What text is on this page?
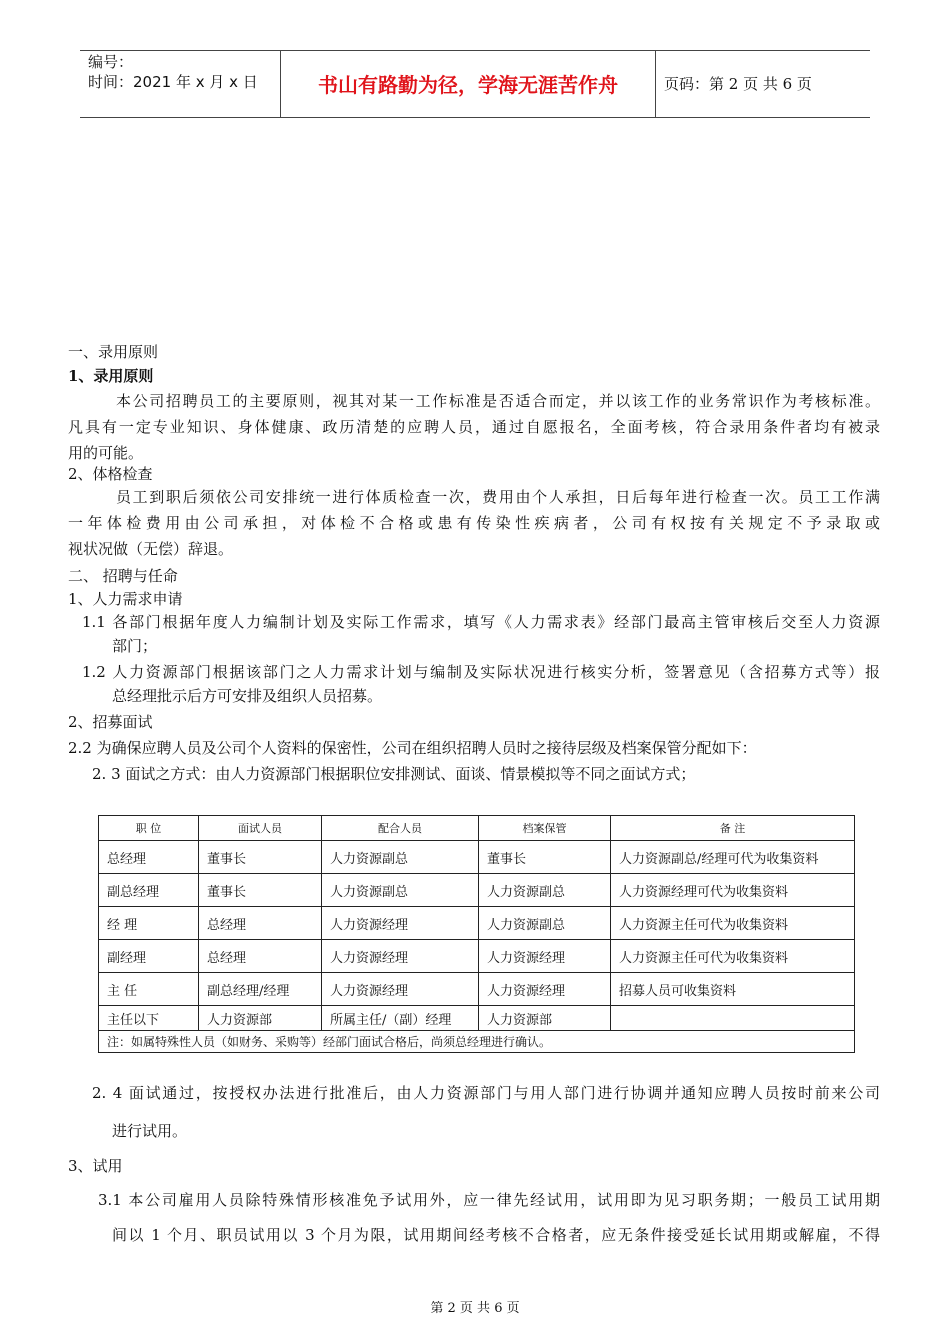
编号：
时间：2021 年 x 月 x 日	书山有路勤为径，学海无涯苦作舟	页码：第 2 页 共 6 页
一、录用原则
1、录用原则
本公司招聘员工的主要原则，视其对某一工作标准是否适合而定，并以该工作的业务常识作为考核标准。
凡具有一定专业知识、身体健康、政历清楚的应聘人员，通过自愿报名，全面考核，符合录用条件者均有被录
用的可能。
2、体格检查
员工到职后须依公司安排统一进行体质检查一次，费用由个人承担，日后每年进行检查一次。员工工作满
一年体检费用由公司承担，对体检不合格或患有传染性疾病者，公司有权按有关规定不予录取或
视状况做（无偿）辞退。
二、 招聘与任命
1、人力需求申请
1.1 各部门根据年度人力编制计划及实际工作需求，填写《人力需求表》经部门最高主管审核后交至人力资源
部门；
1.2 人力资源部门根据该部门之人力需求计划与编制及实际状况进行核实分析，签署意见（含招募方式等）报
总经理批示后方可安排及组织人员招募。
2、招募面试
2.2 为确保应聘人员及公司个人资料的保密性，公司在组织招聘人员时之接待层级及档案保管分配如下：
2. 3 面试之方式：由人力资源部门根据职位安排测试、面谈、情景模拟等不同之面试方式；
职 位	面试人员	配合人员	档案保管	备 注
总经理	董事长	人力资源副总	董事长	人力资源副总/经理可代为收集资料
副总经理	董事长	人力资源副总	人力资源副总	人力资源经理可代为收集资料
经 理	总经理	人力资源经理	人力资源副总	人力资源主任可代为收集资料
副经理	总经理	人力资源经理	人力资源经理	人力资源主任可代为收集资料
主 任	副总经理/经理	人力资源经理	人力资源经理	招募人员可收集资料
主任以下	人力资源部	所属主任/（副）经理	人力资源部	
注：如属特殊性人员（如财务、采购等）经部门面试合格后，尚须总经理进行确认。				
2. 4 面试通过，按授权办法进行批准后，由人力资源部门与用人部门进行协调并通知应聘人员按时前来公司
进行试用。
3、试用
3.1 本公司雇用人员除特殊情形核准免予试用外，应一律先经试用，试用即为见习职务期；一般员工试用期
间以 1 个月、职员试用以 3 个月为限，试用期间经考核不合格者，应无条件接受延长试用期或解雇，不得
第 2 页 共 6 页
